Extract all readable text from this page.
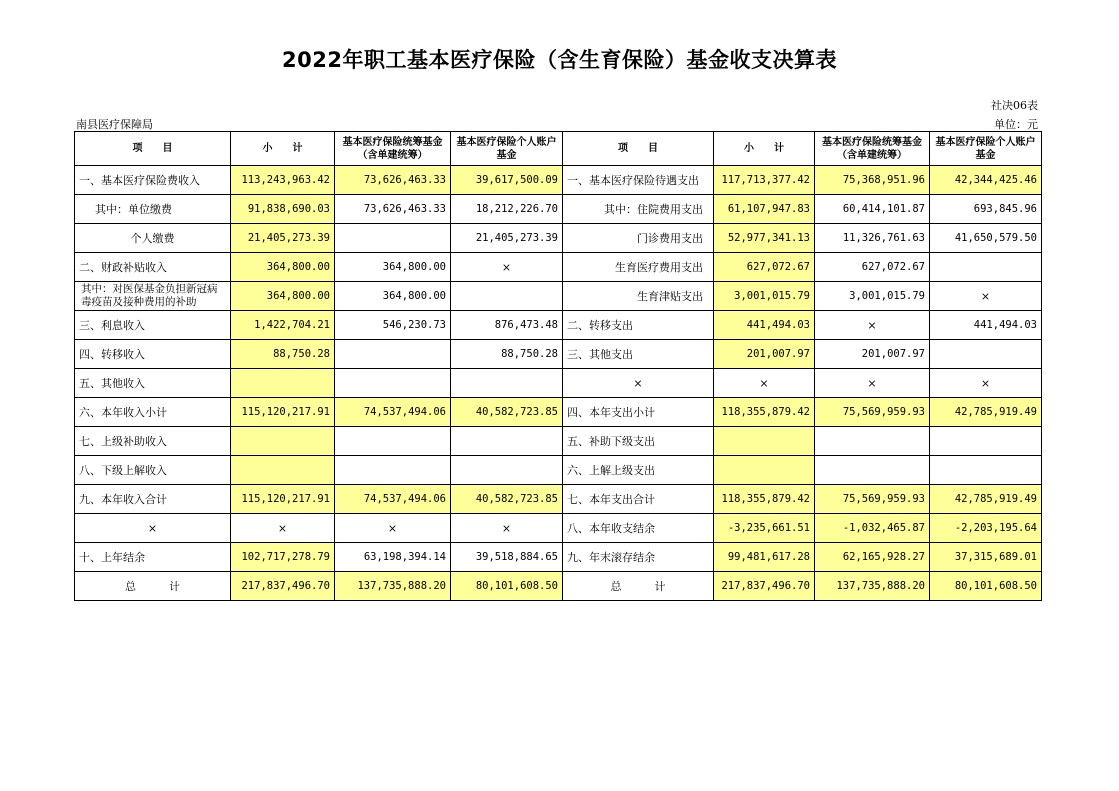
2022年职工基本医疗保险（含生育保险）基金收支决算表
社决06表
南县医疗保障局	单位：元
项　　目	小　　计	基本医疗保险统筹基金（含单建统筹）	基本医疗保险个人账户基金	项　　目	小　　计	基本医疗保险统筹基金（含单建统筹）	基本医疗保险个人账户基金
一、基本医疗保险费收入	113,243,963.42	73,626,463.33	39,617,500.09	一、基本医疗保险待遇支出	117,713,377.42	75,368,951.96	42,344,425.46
其中：单位缴费	91,838,690.03	73,626,463.33	18,212,226.70	其中：住院费用支出	61,107,947.83	60,414,101.87	693,845.96
个人缴费	21,405,273.39		21,405,273.39	门诊费用支出	52,977,341.13	11,326,761.63	41,650,579.50
二、财政补贴收入	364,800.00	364,800.00	×	生育医疗费用支出	627,072.67	627,072.67	
其中：对医保基金负担新冠病毒疫苗及接种费用的补助	364,800.00	364,800.00		生育津贴支出	3,001,015.79	3,001,015.79	×
三、利息收入	1,422,704.21	546,230.73	876,473.48	二、转移支出	441,494.03	×	441,494.03
四、转移收入	88,750.28		88,750.28	三、其他支出	201,007.97	201,007.97	
五、其他收入				×	×	×	×
六、本年收入小计	115,120,217.91	74,537,494.06	40,582,723.85	四、本年支出小计	118,355,879.42	75,569,959.93	42,785,919.49
七、上级补助收入				五、补助下级支出			
八、下级上解收入				六、上解上级支出			
九、本年收入合计	115,120,217.91	74,537,494.06	40,582,723.85	七、本年支出合计	118,355,879.42	75,569,959.93	42,785,919.49
×	×	×	×	八、本年收支结余	-3,235,661.51	-1,032,465.87	-2,203,195.64
十、上年结余	102,717,278.79	63,198,394.14	39,518,884.65	九、年末滚存结余	99,481,617.28	62,165,928.27	37,315,689.01
总　　　计	217,837,496.70	137,735,888.20	80,101,608.50	总　　　计	217,837,496.70	137,735,888.20	80,101,608.50
